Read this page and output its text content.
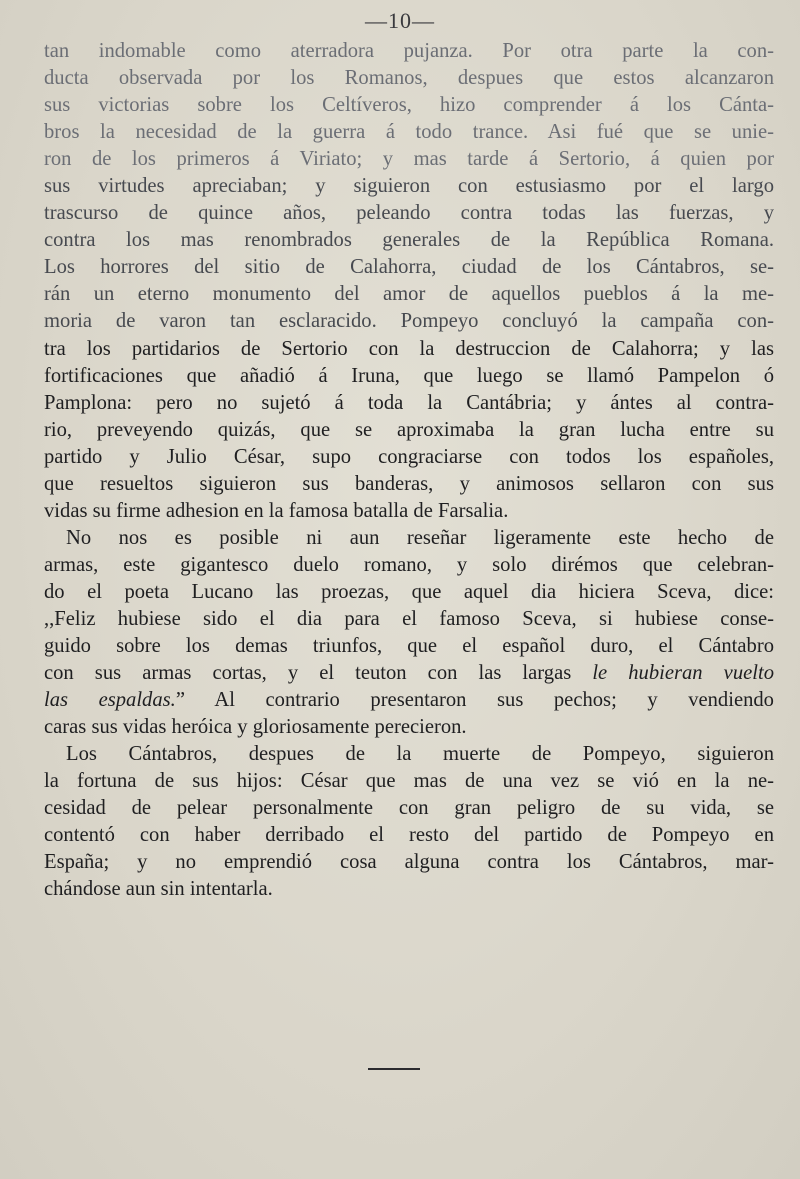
—10—
tan indomable como aterradora pujanza. Por otra parte la con-
ducta observada por los Romanos, despues que estos alcanzaron
sus victorias sobre los Celtíveros, hizo comprender á los Cánta-
bros la necesidad de la guerra á todo trance. Asi fué que se unie-
ron de los primeros á Viriato; y mas tarde á Sertorio, á quien por
sus virtudes apreciaban; y siguieron con estusiasmo por el largo
trascurso de quince años, peleando contra todas las fuerzas, y
contra los mas renombrados generales de la República Romana.
Los horrores del sitio de Calahorra, ciudad de los Cántabros, se-
rán un eterno monumento del amor de aquellos pueblos á la me-
moria de varon tan esclaracido. Pompeyo concluyó la campaña con-
tra los partidarios de Sertorio con la destruccion de Calahorra; y las
fortificaciones que añadió á Iruna, que luego se llamó Pampelon ó
Pamplona: pero no sujetó á toda la Cantábria; y ántes al contra-
rio, preveyendo quizás, que se aproximaba la gran lucha entre su
partido y Julio César, supo congraciarse con todos los españoles,
que resueltos siguieron sus banderas, y animosos sellaron con sus
vidas su firme adhesion en la famosa batalla de Farsalia.
No nos es posible ni aun reseñar ligeramente este hecho de
armas, este gigantesco duelo romano, y solo dirémos que celebran-
do el poeta Lucano las proezas, que aquel dia hiciera Sceva, dice:
,,Feliz hubiese sido el dia para el famoso Sceva, si hubiese conse-
guido sobre los demas triunfos, que el español duro, el Cántabro
con sus armas cortas, y el teuton con las largas le hubieran vuelto
las espaldas.” Al contrario presentaron sus pechos; y vendiendo
caras sus vidas heróica y gloriosamente perecieron.
Los Cántabros, despues de la muerte de Pompeyo, siguieron
la fortuna de sus hijos: César que mas de una vez se vió en la ne-
cesidad de pelear personalmente con gran peligro de su vida, se
contentó con haber derribado el resto del partido de Pompeyo en
España; y no emprendió cosa alguna contra los Cántabros, mar-
chándose aun sin intentarla.
